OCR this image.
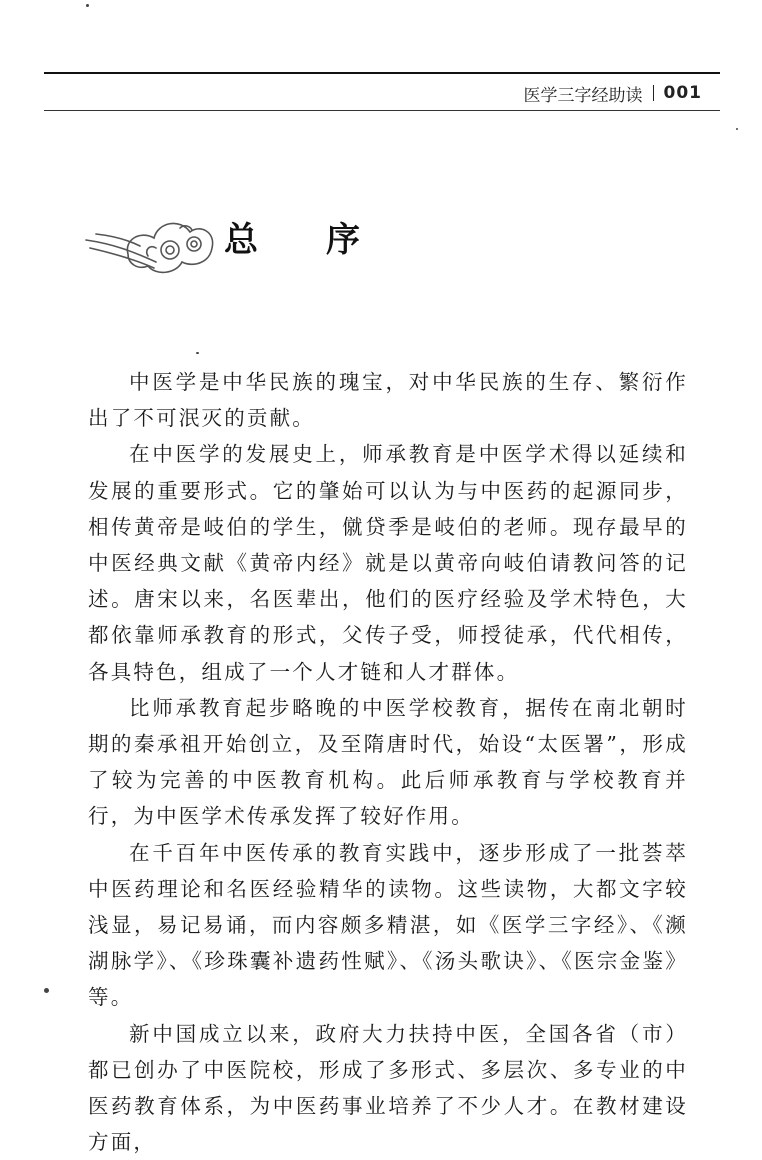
医学三字经助读 001
总 序

中医学是中华民族的瑰宝，对中华民族的生存、繁衍作出了不可泯灭的贡献。

在中医学的发展史上，师承教育是中医学术得以延续和发展的重要形式。它的肇始可以认为与中医药的起源同步，相传黄帝是岐伯的学生，僦贷季是岐伯的老师。现存最早的中医经典文献《黄帝内经》就是以黄帝向岐伯请教问答的记述。唐宋以来，名医辈出，他们的医疗经验及学术特色，大都依靠师承教育的形式，父传子受，师授徒承，代代相传，各具特色，组成了一个人才链和人才群体。

比师承教育起步略晚的中医学校教育，据传在南北朝时期的秦承祖开始创立，及至隋唐时代，始设“太医署”，形成了较为完善的中医教育机构。此后师承教育与学校教育并行，为中医学术传承发挥了较好作用。

在千百年中医传承的教育实践中，逐步形成了一批荟萃中医药理论和名医经验精华的读物。这些读物，大都文字较浅显，易记易诵，而内容颇多精湛，如《医学三字经》、《濒湖脉学》、《珍珠囊补遗药性赋》、《汤头歌诀》、《医宗金鉴》等。

新中国成立以来，政府大力扶持中医，全国各省（市）都已创办了中医院校，形成了多形式、多层次、多专业的中医药教育体系，为中医药事业培养了不少人才。在教材建设方面，
